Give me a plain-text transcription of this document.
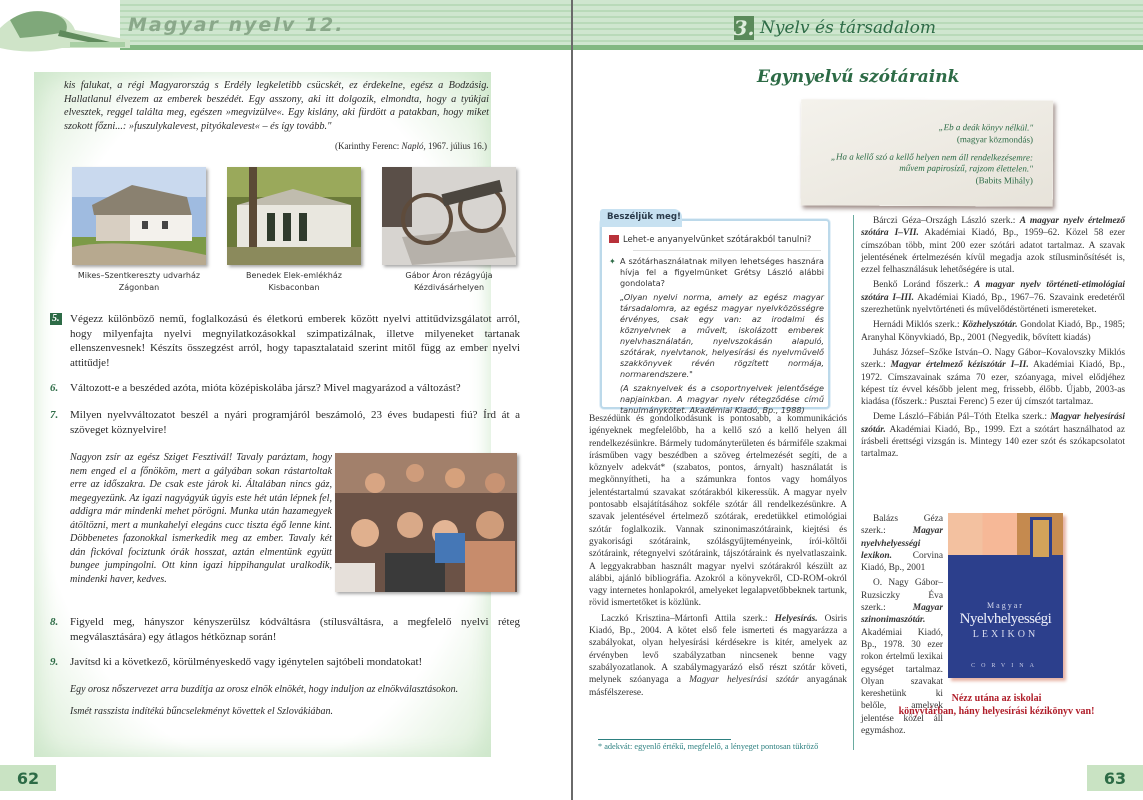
Magyar nyelv 12.
kis falukat, a régi Magyarország s Erdély legkeletibb csücskét, ez érdekelne, egész a Bodzásig. Hallatlanul élvezem az emberek beszédét. Egy asszony, aki itt dolgozik, elmondta, hogy a tyúkjai elvesztek, reggel találta meg, egészen »megvizülve«. Egy kislány, aki fürdött a patakban, hogy miket szokott főzni...: »fuszulykalevest, pityókalevest« – és így tovább."
(Karinthy Ferenc: Napló, 1967. július 16.)
Mikes–Szentkereszty udvarház
Zágonban
Benedek Elek-emlékház
Kisbaconban
Gábor Áron rézágyúja
Kézdivásárhelyen
5. Végezz különböző nemű, foglalkozású és életkorú emberek között nyelvi attitűdvizsgálatot arról, hogy milyenfajta nyelvi megnyilatkozásokkal szimpatizálnak, illetve milyeneket tartanak ellenszenvesnek! Készíts összegzést arról, hogy tapasztalataid szerint mitől függ az ember nyelvi attitűdje!
6. Változott-e a beszéded azóta, mióta középiskolába jársz? Mivel magyarázod a változást?
7. Milyen nyelvváltozatot beszél a nyári programjáról beszámoló, 23 éves budapesti fiú? Írd át a szöveget köznyelvire!
Nagyon zsír az egész Sziget Fesztivál! Tavaly paráztam, hogy nem enged el a főnököm, mert a gályában sokan rástartoltak erre az időszakra. De csak este járok ki. Általában nincs gáz, megegyezünk. Az igazi nagyágyúk úgyis este hét után lépnek fel, addigra már mindenki mehet pörögni. Munka után hazamegyek átöltözni, mert a munkahelyi elegáns cucc tiszta égő lenne kint. Döbbenetes fazonokkal ismerkedik meg az ember. Tavaly két dán fickóval fociztunk órák hosszat, aztán elmentünk együtt bungee jumpingolni. Ott kinn igazi hippihangulat uralkodik, mindenki haver, kedves.
8. Figyeld meg, hányszor kényszerülsz kódváltásra (stílusváltásra, a megfelelő nyelvi réteg megválasztására) egy átlagos hétköznap során!
9. Javítsd ki a következő, körülményeskedő vagy igénytelen sajtóbeli mondatokat!
Egy orosz nőszervezet arra buzdítja az orosz elnök elnökét, hogy induljon az elnökválasztásokon.
Ismét rasszista indítékú bűncselekményt követtek el Szlovákiában.
62
3. Nyelv és társadalom
Egynyelvű szótáraink
„Eb a deák könyv nélkül."
(magyar közmondás)
„Ha a kellő szó a kellő helyen nem áll rendelkezésemre:
művem papirosízű, rajzom élettelen."
(Babits Mihály)
Beszéljük meg!
Lehet-e anyanyelvünket szótárakból tanulni?
✦ A szótárhasználatnak milyen lehetséges hasznára hívja fel a figyelmünket Grétsy László alábbi gondolata?
„Olyan nyelvi norma, amely az egész magyar társadalomra, az egész magyar nyelvközösségre érvényes, csak egy van: az irodalmi és köznyelvnek a művelt, iskolázott emberek nyelvhasználatán, nyelvszokásán alapuló, szótárak, nyelvtanok, helyesírási és nyelvművelő szakkönyvek révén rögzített normája, normarendszere."
(A szaknyelvek és a csoportnyelvek jelentősége napjainkban. A magyar nyelv rétegződése című tanulmánykötet. Akadémiai Kiadó, Bp., 1988)

Beszédünk és gondolkodásunk is pontosabb, a kommunikációs igényeknek megfelelőbb, ha a kellő szó a kellő helyen áll rendelkezésünkre. Bármely tudományterületen és bármiféle szakmai írásműben vagy beszédben a szöveg értelmezését segíti, de a köznyelv adekvát* (szabatos, pontos, árnyalt) használatát is megkönnyítheti, ha a számunkra fontos vagy homályos jelentéstartalmú szavakat szótárakból kikeressük. A magyar nyelv pontosabb elsajátításához sokféle szótár áll rendelkezésünkre. A szavak jelentésével értelmező szótárak, eredetükkel etimológiai szótár foglalkozik. Vannak szinonimaszótáraink, kiejtési és gyakorisági szótáraink, szólásgyűjteményeink, írói-költői szótáraink, rétegnyelvi szótáraink, tájszótáraink és nyelvatlaszaink. A leggyakrabban használt magyar nyelvi szótárakról készült az alábbi, ajánló bibliográfia. Azokról a könyvekről, CD-ROM-okról vagy internetes honlapokról, amelyeket legalapvetőbbeknek tartunk, rövid ismertetőket is közlünk.

Laczkó Krisztina–Mártonfi Attila szerk.: Helyesírás. Osiris Kiadó, Bp., 2004. A kötet első fele ismerteti és magyarázza a szabályokat, olyan helyesírási kérdésekre is kitér, amelyek az érvényben levő szabályzatban nincsenek benne vagy szabályozatlanok. A szabálymagyarázó első részt szótár követi, melynek szóanyaga a Magyar helyesírási szótár anyagának másfélszerese.

Bárczi Géza–Országh László szerk.: A magyar nyelv értelmező szótára I–VII. Akadémiai Kiadó, Bp., 1959–62. Közel 58 ezer címszóban több, mint 200 ezer szótári adatot tartalmaz. A szavak jelentésének értelmezésén kívül megadja azok stílusminősítését is, ezzel felhasználásuk lehetőségére is utal.

Benkő Loránd főszerk.: A magyar nyelv történeti-etimológiai szótára I–III. Akadémiai Kiadó, Bp., 1967–76. Szavaink eredetéről szerezhetünk nyelvtörténeti és művelődéstörténeti ismereteket.

Hernádi Miklós szerk.: Közhelyszótár. Gondolat Kiadó, Bp., 1985; Aranyhal Könyvkiadó, Bp., 2001 (Negyedik, bővített kiadás)

Juhász József–Szőke István–O. Nagy Gábor–Kovalovszky Miklós szerk.: Magyar értelmező kéziszótár I–II. Akadémiai Kiadó, Bp., 1972. Címszavainak száma 70 ezer, szóanyaga, mivel elődjéhez képest tíz évvel később jelent meg, frissebb, élőbb. Újabb, 2003-as kiadása (főszerk.: Pusztai Ferenc) 5 ezer új címszót tartalmaz.

Deme László–Fábián Pál–Tóth Etelka szerk.: Magyar helyesírási szótár. Akadémiai Kiadó, Bp., 1999. Ezt a szótárt használhatod az írásbeli érettségi vizsgán is. Mintegy 140 ezer szót és szókapcsolatot tartalmaz.

Balázs Géza szerk.: Magyar nyelvhelyességi lexikon. Corvina Kiadó, Bp., 2001

O. Nagy Gábor–Ruzsiczky Éva szerk.: Magyar szinonimaszótár. Akadémiai Kiadó, Bp., 1978. 30 ezer rokon értelmű lexikai egységet tartalmaz. Olyan szavakat kereshetünk ki belőle, amelyek jelentése közel áll egymáshoz.

Magyar
Nyelvhelyességi
LEXIKON
CORVINA
Nézz utána az iskolai
könyvtárban, hány helyesírási kézikönyv van!
* adekvát: egyenlő értékű, megfelelő, a lényeget pontosan tükröző
63
